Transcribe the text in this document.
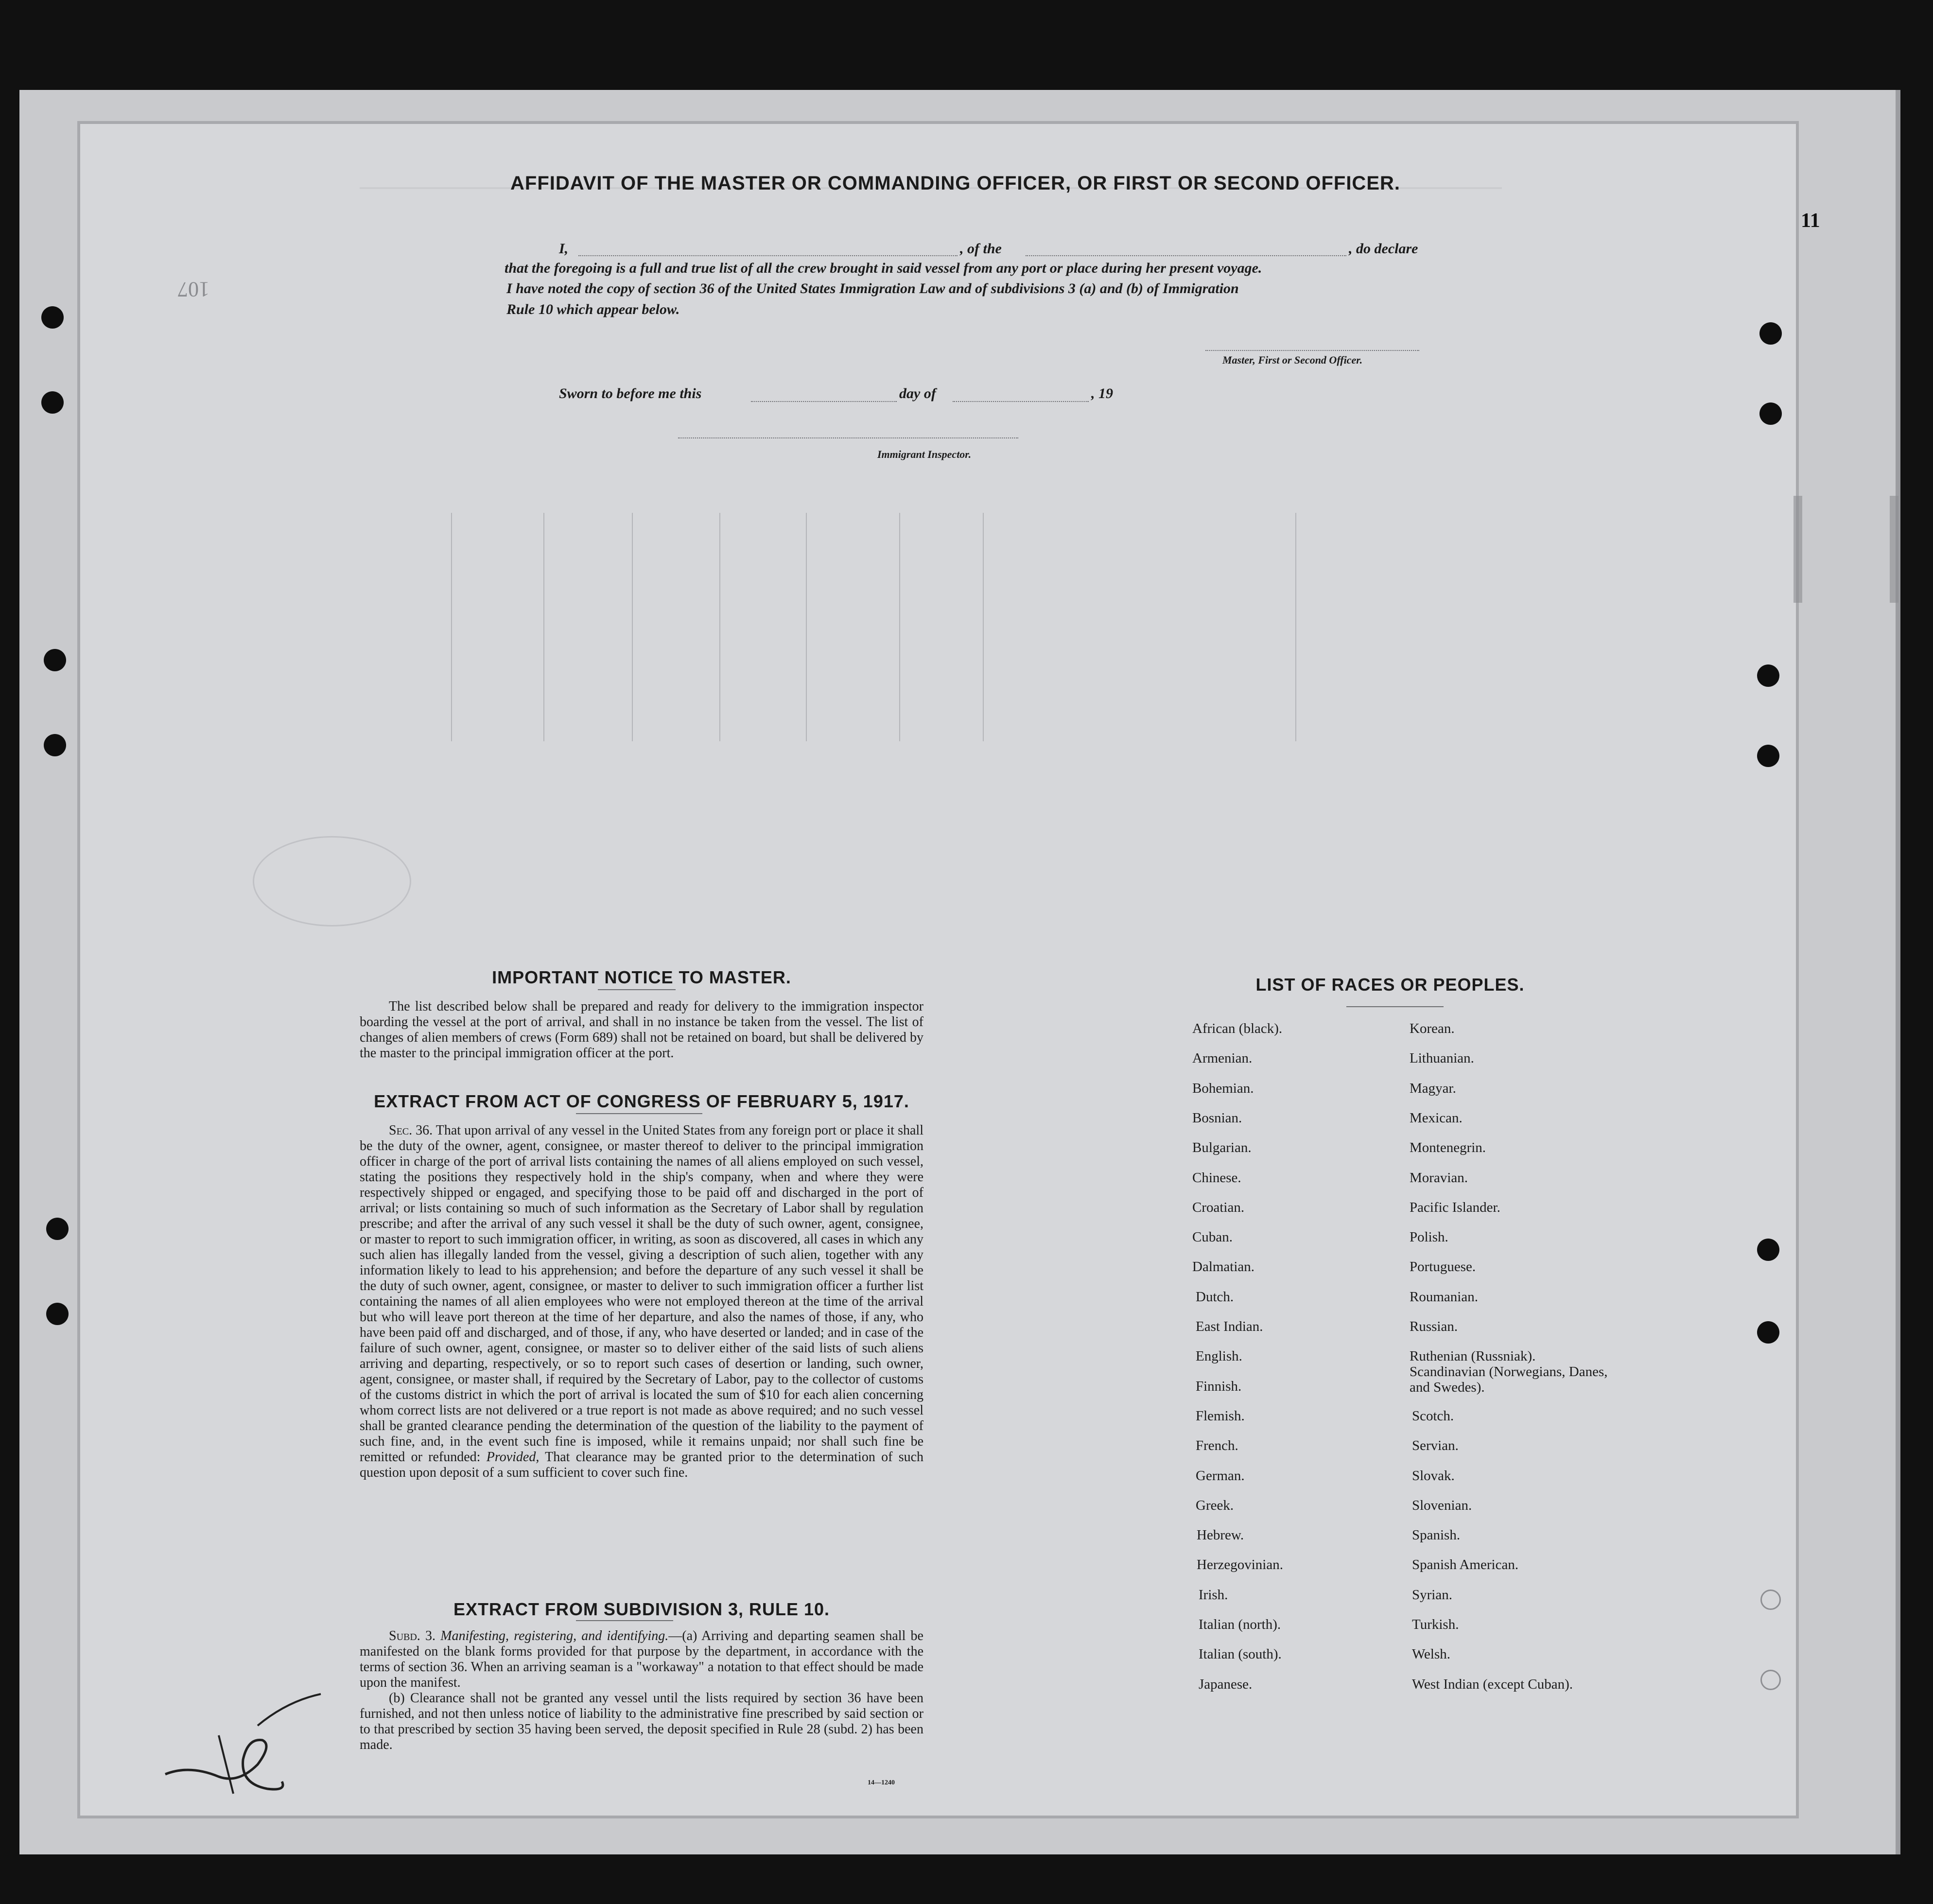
11
107
AFFIDAVIT OF THE MASTER OR COMMANDING OFFICER, OR FIRST OR SECOND OFFICER.
I,	, of the	, do declare
that the foregoing is a full and true list of all the crew brought in said vessel from any port or place during her present voyage.
I have noted the copy of section 36 of the United States Immigration Law and of subdivisions 3 (a) and (b) of Immigration
Rule 10 which appear below.
Master, First or Second Officer.
Sworn to before me this	day of	, 19
Immigrant Inspector.
IMPORTANT NOTICE TO MASTER.
The list described below shall be prepared and ready for delivery to the immigration inspector boarding the vessel at the port of arrival, and shall in no instance be taken from the vessel. The list of changes of alien members of crews (Form 689) shall not be retained on board, but shall be delivered by the master to the principal immigration officer at the port.
EXTRACT FROM ACT OF CONGRESS OF FEBRUARY 5, 1917.
Sec. 36. That upon arrival of any vessel in the United States from any foreign port or place it shall be the duty of the owner, agent, consignee, or master thereof to deliver to the principal immigration officer in charge of the port of arrival lists containing the names of all aliens employed on such vessel, stating the positions they respectively hold in the ship's company, when and where they were respectively shipped or engaged, and specifying those to be paid off and discharged in the port of arrival; or lists containing so much of such information as the Secretary of Labor shall by regulation prescribe; and after the arrival of any such vessel it shall be the duty of such owner, agent, consignee, or master to report to such immigration officer, in writing, as soon as discovered, all cases in which any such alien has illegally landed from the vessel, giving a description of such alien, together with any information likely to lead to his apprehension; and before the departure of any such vessel it shall be the duty of such owner, agent, consignee, or master to deliver to such immigration officer a further list containing the names of all alien employees who were not employed thereon at the time of the arrival but who will leave port thereon at the time of her departure, and also the names of those, if any, who have been paid off and discharged, and of those, if any, who have deserted or landed; and in case of the failure of such owner, agent, consignee, or master so to deliver either of the said lists of such aliens arriving and departing, respectively, or so to report such cases of desertion or landing, such owner, agent, consignee, or master shall, if required by the Secretary of Labor, pay to the collector of customs of the customs district in which the port of arrival is located the sum of $10 for each alien concerning whom correct lists are not delivered or a true report is not made as above required; and no such vessel shall be granted clearance pending the determination of the question of the liability to the payment of such fine, and, in the event such fine is imposed, while it remains unpaid; nor shall such fine be remitted or refunded: Provided, That clearance may be granted prior to the determination of such question upon deposit of a sum sufficient to cover such fine.
EXTRACT FROM SUBDIVISION 3, RULE 10.
Subd. 3. Manifesting, registering, and identifying.—(a) Arriving and departing seamen shall be manifested on the blank forms provided for that purpose by the department, in accordance with the terms of section 36. When an arriving seaman is a "workaway" a notation to that effect should be made upon the manifest.
(b) Clearance shall not be granted any vessel until the lists required by section 36 have been furnished, and not then unless notice of liability to the administrative fine prescribed by said section or to that prescribed by section 35 having been served, the deposit specified in Rule 28 (subd. 2) has been made.
14—1240
LIST OF RACES OR PEOPLES.
African (black).
Armenian.
Bohemian.
Bosnian.
Bulgarian.
Chinese.
Croatian.
Cuban.
Dalmatian.
Dutch.
East Indian.
English.
Finnish.
Flemish.
French.
German.
Greek.
Hebrew.
Herzegovinian.
Irish.
Italian (north).
Italian (south).
Japanese.
Korean.
Lithuanian.
Magyar.
Mexican.
Montenegrin.
Moravian.
Pacific Islander.
Polish.
Portuguese.
Roumanian.
Russian.
Ruthenian (Russniak).
Scandinavian (Norwegians, Danes, and Swedes).
Scotch.
Servian.
Slovak.
Slovenian.
Spanish.
Spanish American.
Syrian.
Turkish.
Welsh.
West Indian (except Cuban).
